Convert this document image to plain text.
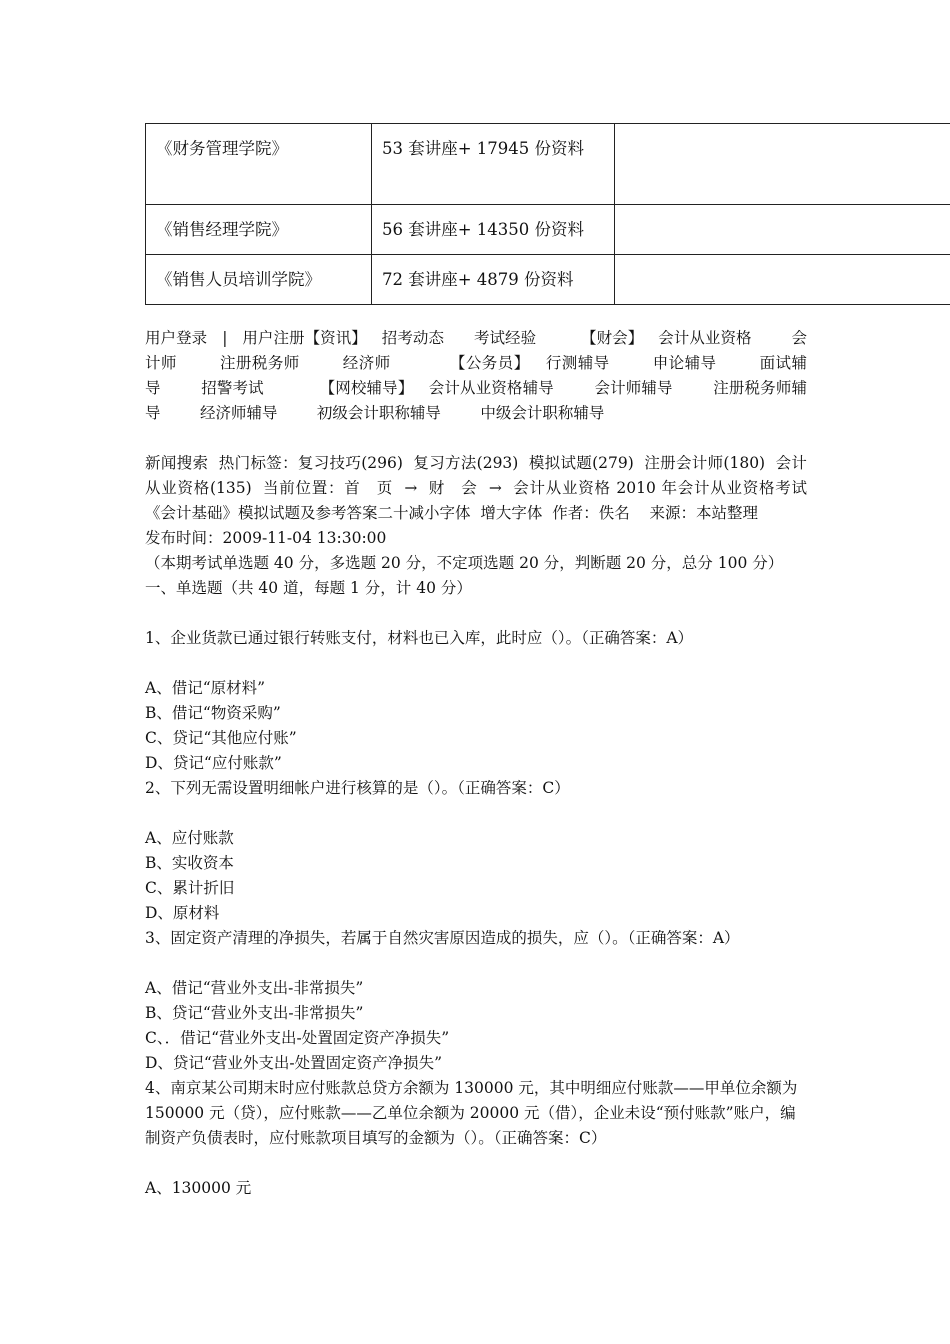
《财务管理学院》	53 套讲座+ 17945 份资料	
《销售经理学院》	56 套讲座+ 14350 份资料	
《销售人员培训学院》	72 套讲座+ 4879 份资料	

用户登录 | 用户注册【资讯】 招考动态 考试经验	【财会】 会计从业资格	会计师	注册税务师	经济师	【公务员】 行测辅导	申论辅导	面试辅导	招警考试	【网校辅导】 会计从业资格辅导	会计师辅导	注册税务师辅导	经济师辅导	初级会计职称辅导	中级会计职称辅导

新闻搜索 热门标签：复习技巧(296) 复习方法(293) 模拟试题(279) 注册会计师(180) 会计从业资格(135) 当前位置：首　页 → 财　会 → 会计从业资格 2010 年会计从业资格考试《会计基础》模拟试题及参考答案二十减小字体 增大字体 作者：佚名 来源：本站整理

发布时间：2009-11-04 13:30:00

（本期考试单选题 40 分，多选题 20 分，不定项选题 20 分，判断题 20 分，总分 100 分）

一、单选题（共 40 道，每题 1 分，计 40 分）

1、企业货款已通过银行转账支付，材料也已入库，此时应（）。（正确答案：A）

A、借记“原材料”

B、借记“物资采购”

C、贷记“其他应付账”

D、贷记“应付账款”

2、下列无需设置明细帐户进行核算的是（）。（正确答案：C）

A、应付账款

B、实收资本

C、累计折旧

D、原材料

3、固定资产清理的净损失，若属于自然灾害原因造成的损失，应（）。（正确答案：A）

A、借记“营业外支出-非常损失”

B、贷记“营业外支出-非常损失”

C、．借记“营业外支出-处置固定资产净损失”

D、贷记“营业外支出-处置固定资产净损失”

4、南京某公司期末时应付账款总贷方余额为 130000 元，其中明细应付账款——甲单位余额为 150000 元（贷），应付账款——乙单位余额为 20000 元（借），企业未设“预付账款”账户，编制资产负债表时，应付账款项目填写的金额为（）。（正确答案：C）

A、130000 元
